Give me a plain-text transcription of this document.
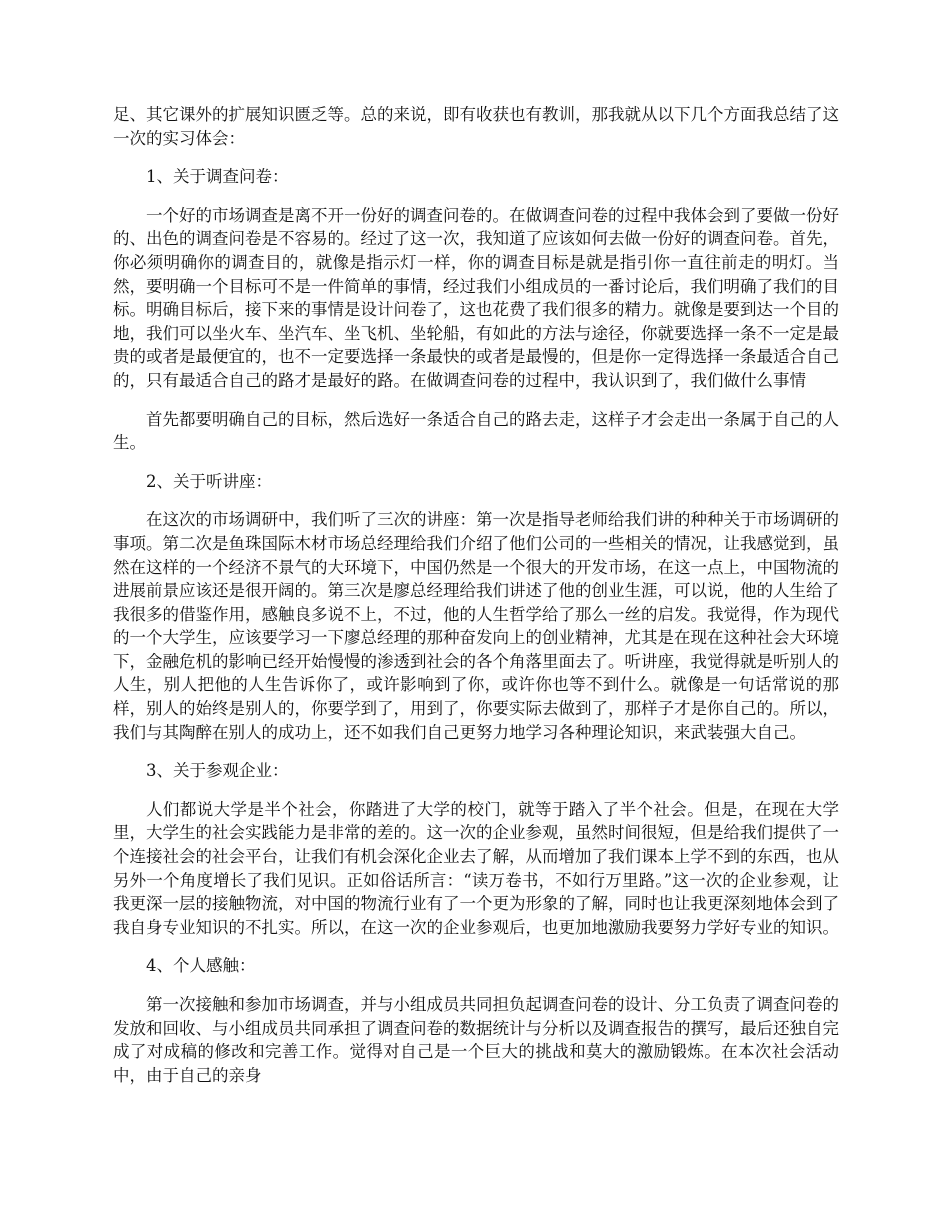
足、其它课外的扩展知识匮乏等。总的来说，即有收获也有教训，那我就从以下几个方面我总结了这一次的实习体会：

1、关于调查问卷：

一个好的市场调查是离不开一份好的调查问卷的。在做调查问卷的过程中我体会到了要做一份好的、出色的调查问卷是不容易的。经过了这一次，我知道了应该如何去做一份好的调查问卷。首先，你必须明确你的调查目的，就像是指示灯一样，你的调查目标是就是指引你一直往前走的明灯。当然，要明确一个目标可不是一件简单的事情，经过我们小组成员的一番讨论后，我们明确了我们的目标。明确目标后，接下来的事情是设计问卷了，这也花费了我们很多的精力。就像是要到达一个目的地，我们可以坐火车、坐汽车、坐飞机、坐轮船，有如此的方法与途径，你就要选择一条不一定是最贵的或者是最便宜的，也不一定要选择一条最快的或者是最慢的，但是你一定得选择一条最适合自己的，只有最适合自己的路才是最好的路。在做调查问卷的过程中，我认识到了，我们做什么事情

首先都要明确自己的目标，然后选好一条适合自己的路去走，这样子才会走出一条属于自己的人生。

2、关于听讲座：

在这次的市场调研中，我们听了三次的讲座：第一次是指导老师给我们讲的种种关于市场调研的事项。第二次是鱼珠国际木材市场总经理给我们介绍了他们公司的一些相关的情况，让我感觉到，虽然在这样的一个经济不景气的大环境下，中国仍然是一个很大的开发市场，在这一点上，中国物流的进展前景应该还是很开阔的。第三次是廖总经理给我们讲述了他的创业生涯，可以说，他的人生给了我很多的借鉴作用，感触良多说不上，不过，他的人生哲学给了那么一丝的启发。我觉得，作为现代的一个大学生，应该要学习一下廖总经理的那种奋发向上的创业精神，尤其是在现在这种社会大环境下，金融危机的影响已经开始慢慢的渗透到社会的各个角落里面去了。听讲座，我觉得就是听别人的人生，别人把他的人生告诉你了，或许影响到了你，或许你也等不到什么。就像是一句话常说的那样，别人的始终是别人的，你要学到了，用到了，你要实际去做到了，那样子才是你自己的。所以，我们与其陶醉在别人的成功上，还不如我们自己更努力地学习各种理论知识，来武装强大自己。

3、关于参观企业：

人们都说大学是半个社会，你踏进了大学的校门，就等于踏入了半个社会。但是，在现在大学里，大学生的社会实践能力是非常的差的。这一次的企业参观，虽然时间很短，但是给我们提供了一个连接社会的社会平台，让我们有机会深化企业去了解，从而增加了我们课本上学不到的东西，也从另外一个角度增长了我们见识。正如俗话所言：“读万卷书，不如行万里路。”这一次的企业参观，让我更深一层的接触物流，对中国的物流行业有了一个更为形象的了解，同时也让我更深刻地体会到了我自身专业知识的不扎实。所以，在这一次的企业参观后，也更加地激励我要努力学好专业的知识。

4、个人感触：

第一次接触和参加市场调查，并与小组成员共同担负起调查问卷的设计、分工负责了调查问卷的发放和回收、与小组成员共同承担了调查问卷的数据统计与分析以及调查报告的撰写，最后还独自完成了对成稿的修改和完善工作。觉得对自己是一个巨大的挑战和莫大的激励锻炼。在本次社会活动中，由于自己的亲身
